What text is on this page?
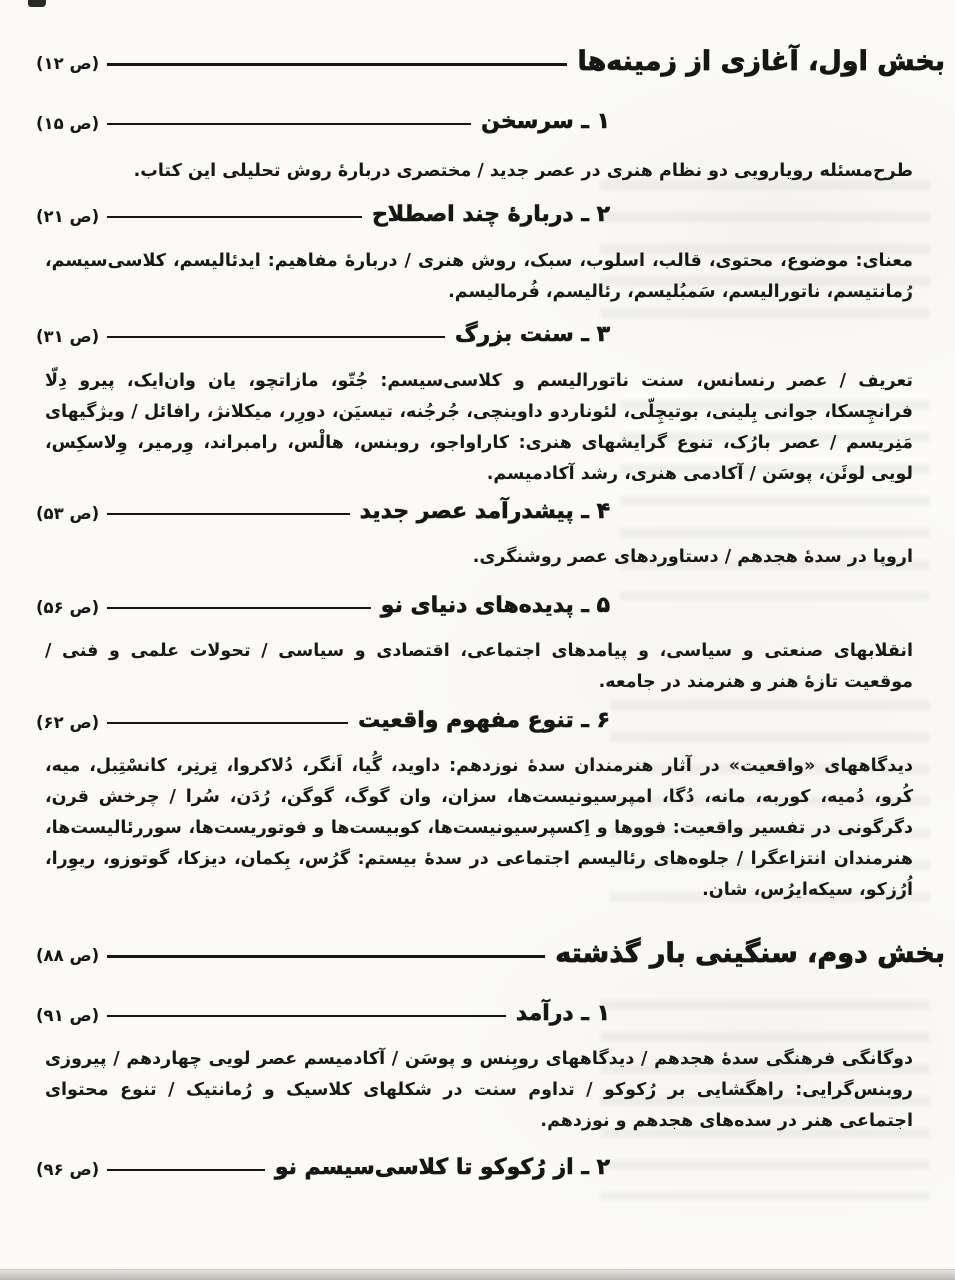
بخش اول، آغازی از زمینه‌ها
(ص ۱۲)
۱ ـ سرسخن
(ص ۱۵)

طرح‌مسئله رویارویی دو نظام هنری در عصر جدید / مختصری دربارهٔ روش تحلیلی این کتاب.

۲ ـ دربارهٔ چند اصطلاح
(ص ۲۱)

معنای: موضوع، محتوی، قالب، اسلوب، سبک، روش هنری / دربارهٔ مفاهیم: ایدئالیسم، کلاسی‌سیسم، رُمانتیسم، ناتورالیسم، سَمبُلیسم، رئالیسم، فُرمالیسم.

۳ ـ سنت بزرگ
(ص ۳۱)

تعریف / عصر رنسانس، سنت ناتورالیسم و کلاسی‌سیسم: جُتّو، مازاتچو، یان وان‌ایک، پیرو دِلّا فرانچِسکا، جوانی بِلینی، بوتیچِلّی، لئوناردو داوینچی، جُرجُنه، تیسیَن، دورِر، میکلانژ، رافائل / ویژگیهای مَنِریسم / عصر بارُک، تنوع گرایشهای هنری: کاراواجو، روبنس، هالْس، رامبراند، وِرمیر، وِلاسکِس، لویی لوئَن، پوسَن / آکادمی هنری، رشد آکادمیسم.

۴ ـ پیشدرآمد عصر جدید
(ص ۵۳)

اروپا در سدهٔ هجدهم / دستاوردهای عصر روشنگری.

۵ ـ پدیده‌های دنیای نو
(ص ۵۶)

انقلابهای صنعتی و سیاسی، و پیامدهای اجتماعی، اقتصادی و سیاسی / تحولات علمی و فنی / موقعیت تازهٔ هنر و هنرمند در جامعه.

۶ ـ تنوع مفهوم واقعیت
(ص ۶۲)

دیدگاههای «واقعیت» در آثار هنرمندان سدهٔ نوزدهم: داوید، گُیا، اَنگر، دُلاکروا، تِرنِر، کانسْتِبل، میه، کُرو، دُمیه، کوربه، مانه، دُگا، امپرسیونیست‌ها، سزان، وان گوگ، گوگن، رُدَن، سُرا / چرخش قرن، دگرگونی در تفسیر واقعیت: فووها و اِکسپرسیونیست‌ها، کوبیست‌ها و فوتوریست‌ها، سوررئالیست‌ها، هنرمندان انتزاعگرا / جلوه‌های رئالیسم اجتماعی در سدهٔ بیستم: گرُس، بِکمان، دیزکا، گوتوزو، ریوِرا، اُرُزکو، سیکه‌ایرُس، شان.

بخش دوم، سنگینی بار گذشته
(ص ۸۸)
۱ ـ درآمد
(ص ۹۱)

دوگانگی فرهنگی سدهٔ هجدهم / دیدگاههای روبِنس و پوسَن / آکادمیسم عصر لویی چهاردهم / پیروزی روبنس‌گرایی: راهگشایی بر رُکوکو / تداوم سنت در شکلهای کلاسیک و رُمانتیک / تنوع محتوای اجتماعی هنر در سده‌های هجدهم و نوزدهم.

۲ ـ از رُکوکو تا کلاسی‌سیسم نو
(ص ۹۶)
